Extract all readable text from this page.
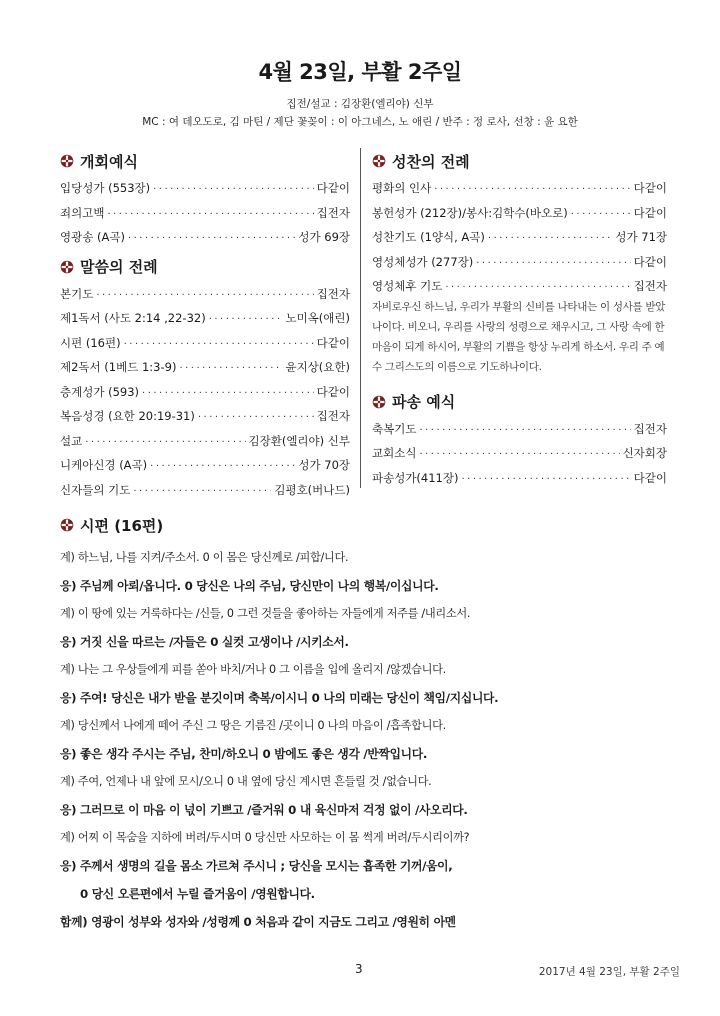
4월 23일, 부활 2주일
집전/설교 : 김장환(엘리야) 신부
MC : 여 데오도로, 김 마틴 / 제단 꽃꽂이 : 이 아그네스, 노 애린 / 반주 : 정 로사, 선창 : 윤 요한
개회예식
입당성가 (553장) ·····	다같이
죄의고백 ·····	집전자
영광송 (A곡) ·····	성가 69장
말씀의 전례
본기도 ·····	집전자
제1독서 (사도 2:14 ,22-32) ·····	노미옥(애린)
시편 (16편) ·····	다같이
제2독서 (1베드 1:3-9) ·····	윤지상(요한)
층계성가 (593) ·····	다같이
복음성경 (요한 20:19-31) ·····	집전자
설교 ·····	김장환(엘리야) 신부
니케아신경 (A곡) ·····	성가 70장
신자들의 기도 ·····	김평호(버나드)
성찬의 전례
평화의 인사 ·····	다같이
봉헌성가 (212장)/봉사:김학수(바오로) ·····	다같이
성찬기도 (1양식, A곡) ·····	성가 71장
영성체성가 (277장) ·····	다같이
영성체후 기도 ·····	집전자
자비로우신 하느님, 우리가 부활의 신비를 나타내는 이 성사를 받았나이다. 비오니, 우리를 사랑의 성령으로 채우시고, 그 사랑 속에 한 마음이 되게 하시어, 부활의 기쁨을 항상 누리게 하소서. 우리 주 예수 그리스도의 이름으로 기도하나이다.
파송 예식
축복기도 ·····	집전자
교회소식 ·····	신자회장
파송성가(411장) ·····	다같이
시편 (16편)
계) 하느님, 나를 지켜/주소서. 0 이 몸은 당신께로 /피합/니다.
응) 주님께 아뢰/옵니다. 0 당신은 나의 주님, 당신만이 나의 행복/이십니다.
계) 이 땅에 있는 거룩하다는 /신들, 0 그런 것들을 좋아하는 자들에게 저주를 /내리소서.
응) 거짓 신을 따르는 /자들은 0 실컷 고생이나 /시키소서.
계) 나는 그 우상들에게 피를 쏟아 바치/거나 0 그 이름을 입에 올리지 /않겠습니다.
응) 주여! 당신은 내가 받을 분깃이며 축복/이시니 0 나의 미래는 당신이 책임/지십니다.
계) 당신께서 나에게 떼어 주신 그 땅은 기름진 /곳이니 0 나의 마음이 /흡족합니다.
응) 좋은 생각 주시는 주님, 찬미/하오니 0 밤에도 좋은 생각 /반짝입니다.
계) 주여, 언제나 내 앞에 모시/오니 0 내 옆에 당신 계시면 흔들릴 것 /없습니다.
응) 그러므로 이 마음 이 넋이 기쁘고 /즐거워 0 내 육신마저 걱정 없이 /사오리다.
계) 어찌 이 목숨을 지하에 버려/두시며 0 당신만 사모하는 이 몸 썩게 버려/두시리이까?
응) 주께서 생명의 길을 몸소 가르쳐 주시니 ; 당신을 모시는 흡족한 기꺼/움이,
0 당신 오른편에서 누릴 즐거움이 /영원합니다.
함께) 영광이 성부와 성자와 /성령께 0 처음과 같이 지금도 그리고 /영원히 아멘
3	2017년 4월 23일, 부활 2주일
